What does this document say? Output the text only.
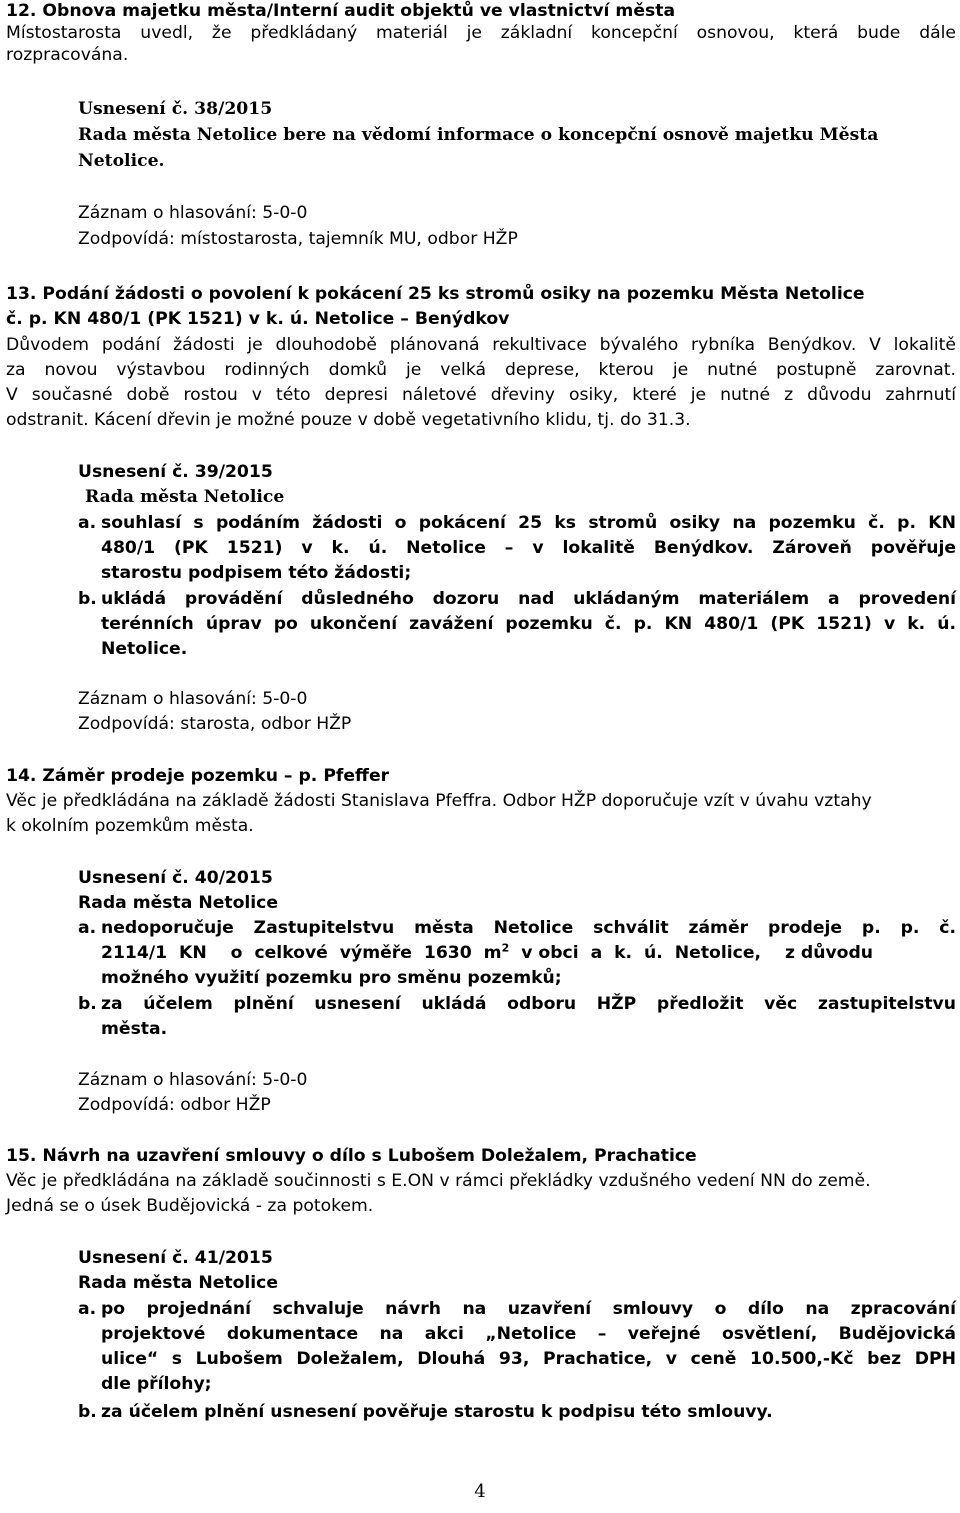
12. Obnova majetku města/Interní audit objektů ve vlastnictví města
Místostarosta uvedl, že předkládaný materiál je základní koncepční osnovou, která bude dále
rozpracována.
Usnesení č. 38/2015
Rada města Netolice bere na vědomí informace o koncepční osnově majetku Města
Netolice.
Záznam o hlasování: 5-0-0
Zodpovídá: místostarosta, tajemník MU, odbor HŽP
13. Podání žádosti o povolení k pokácení 25 ks stromů osiky na pozemku Města Netolice
č. p. KN 480/1 (PK 1521) v k. ú. Netolice – Benýdkov
Důvodem podání žádosti je dlouhodobě plánovaná rekultivace bývalého rybníka Benýdkov. V lokalitě
za novou výstavbou rodinných domků je velká deprese, kterou je nutné postupně zarovnat.
V současné době rostou v této depresi náletové dřeviny osiky, které je nutné z důvodu zahrnutí
odstranit. Kácení dřevin je možné pouze v době vegetativního klidu, tj. do 31.3.
Usnesení č. 39/2015
Rada města Netolice
a. souhlasí s podáním žádosti o pokácení 25 ks stromů osiky na pozemku č. p. KN
480/1 (PK 1521) v k. ú. Netolice – v lokalitě Benýdkov. Zároveň pověřuje
starostu podpisem této žádosti;
b. ukládá provádění důsledného dozoru nad ukládaným materiálem a provedení
terénních úprav po ukončení zavážení pozemku č. p. KN 480/1 (PK 1521) v k. ú.
Netolice.
Záznam o hlasování: 5-0-0
Zodpovídá: starosta, odbor HŽP
14. Záměr prodeje pozemku – p. Pfeffer
Věc je předkládána na základě žádosti Stanislava Pfeffra. Odbor HŽP doporučuje vzít v úvahu vztahy
k okolním pozemkům města.
Usnesení č. 40/2015
Rada města Netolice
a. nedoporučuje Zastupitelstvu města Netolice schválit záměr prodeje p. p. č.
2114/1  KN    o  celkové  výměře  1630  $m^2$  v obci  a  k.  ú.  Netolice,    z důvodu
možného využití pozemku pro směnu pozemků;
b. za účelem plnění usnesení ukládá odboru HŽP předložit věc zastupitelstvu
města.
Záznam o hlasování: 5-0-0
Zodpovídá: odbor HŽP
15. Návrh na uzavření smlouvy o dílo s Lubošem Doležalem, Prachatice
Věc je předkládána na základě součinnosti s E.ON v rámci překládky vzdušného vedení NN do země.
Jedná se o úsek Budějovická - za potokem.
Usnesení č. 41/2015
Rada města Netolice
a. po projednání schvaluje návrh na uzavření smlouvy o dílo na zpracování
projektové dokumentace na akci „Netolice – veřejné osvětlení, Budějovická
ulice“ s Lubošem Doležalem, Dlouhá 93, Prachatice, v ceně 10.500,-Kč bez DPH
dle přílohy;
b. za účelem plnění usnesení pověřuje starostu k podpisu této smlouvy.
4
